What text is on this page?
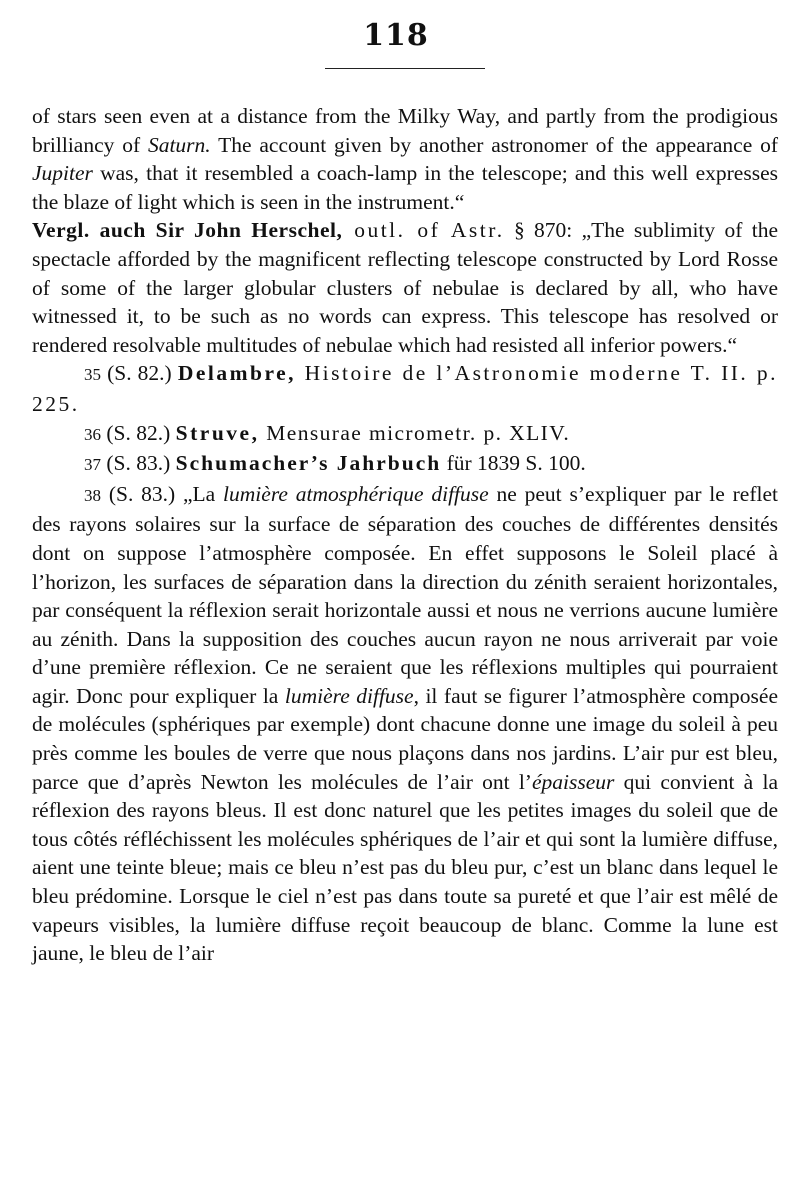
118

of stars seen even at a distance from the Milky Way, and partly from the prodigious brilliancy of Saturn. The account given by another astronomer of the appearance of Jupiter was, that it resembled a coach-lamp in the telescope; and this well expresses the blaze of light which is seen in the instrument.“

Vergl. auch Sir John Herschel, outl. of Astr. § 870: „The sublimity of the spectacle afforded by the magnificent reflecting telescope constructed by Lord Rosse of some of the larger globular clusters of nebulae is declared by all, who have witnessed it, to be such as no words can express. This telescope has resolved or rendered resolvable multitudes of nebulae which had resisted all inferior powers.“

35 (S. 82.) Delambre, Histoire de l’Astronomie moderne T. II. p. 225.

36 (S. 82.) Struve, Mensurae micrometr. p. XLIV.

37 (S. 83.) Schumacher’s Jahrbuch für 1839 S. 100.

38 (S. 83.) „La lumière atmosphérique diffuse ne peut s’expliquer par le reflet des rayons solaires sur la surface de séparation des couches de différentes densités dont on suppose l’atmosphère composée. En effet supposons le Soleil placé à l’horizon, les surfaces de séparation dans la direction du zénith seraient horizontales, par conséquent la réflexion serait horizontale aussi et nous ne verrions aucune lumière au zénith. Dans la supposition des couches aucun rayon ne nous arriverait par voie d’une première réflexion. Ce ne seraient que les réflexions multiples qui pourraient agir. Donc pour expliquer la lumière diffuse, il faut se figurer l’atmosphère composée de molécules (sphériques par exemple) dont chacune donne une image du soleil à peu près comme les boules de verre que nous plaçons dans nos jardins. L’air pur est bleu, parce que d’après Newton les molécules de l’air ont l’épaisseur qui convient à la réflexion des rayons bleus. Il est donc naturel que les petites images du soleil que de tous côtés réfléchissent les molécules sphériques de l’air et qui sont la lumière diffuse, aient une teinte bleue; mais ce bleu n’est pas du bleu pur, c’est un blanc dans lequel le bleu prédomine. Lorsque le ciel n’est pas dans toute sa pureté et que l’air est mêlé de vapeurs visibles, la lumière diffuse reçoit beaucoup de blanc. Comme la lune est jaune, le bleu de l’air
